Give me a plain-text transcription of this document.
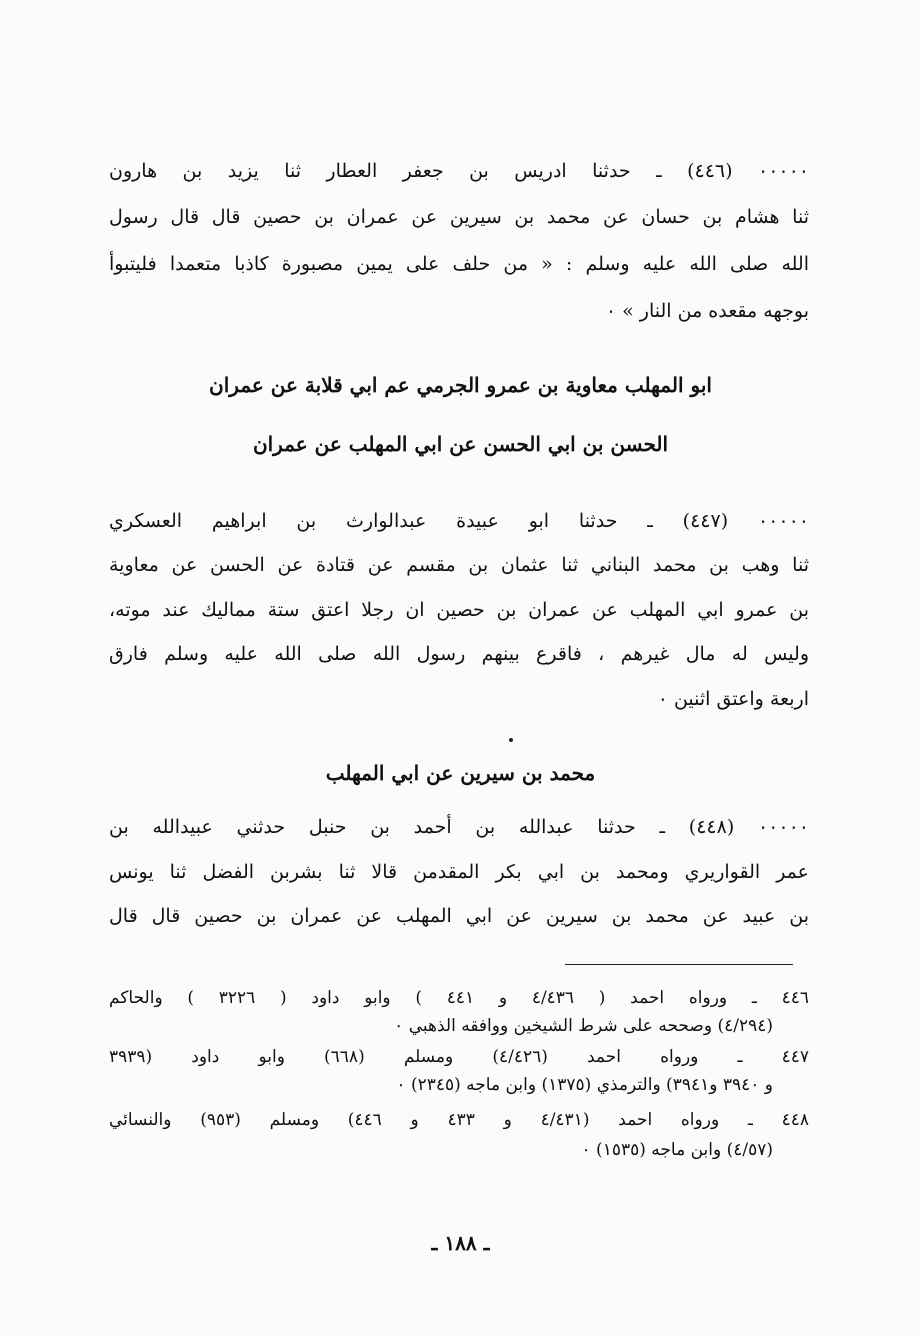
٠٠٠٠٠ (٤٤٦) ـ حدثنا ادريس بن جعفر العطار ثنا يزيد بن هارون
ثنا هشام بن حسان عن محمد بن سيرين عن عمران بن حصين قال قال رسول
الله صلى الله عليه وسلم : « من حلف على يمين مصبورة كاذبا متعمدا فليتبوأ
بوجهه مقعده من النار » ٠
ابو المهلب معاوية بن عمرو الجرمي عم ابي قلابة عن عمران
الحسن بن ابي الحسن عن ابي المهلب عن عمران
٠٠٠٠٠ (٤٤٧) ـ حدثنا ابو عبيدة عبدالوارث بن ابراهيم العسكري
ثنا وهب بن محمد البناني ثنا عثمان بن مقسم عن قتادة عن الحسن عن معاوية
بن عمرو ابي المهلب عن عمران بن حصين ان رجلا اعتق ستة مماليك عند موته،
وليس له مال غيرهم ، فاقرع بينهم رسول الله صلى الله عليه وسلم فارق
اربعة واعتق اثنين ٠
محمد بن سيرين عن ابي المهلب
٠٠٠٠٠ (٤٤٨) ـ حدثنا عبدالله بن أحمد بن حنبل حدثني عبيدالله بن
عمر القواريري ومحمد بن ابي بكر المقدمن قالا ثنا بشربن الفضل ثنا يونس
بن عبيد عن محمد بن سيرين عن ابي المهلب عن عمران بن حصين قال قال
٤٤٦ ـ ورواه احمد ( ٤/٤٣٦ و ٤٤١ ) وابو داود ( ٣٢٢٦ ) والحاكم
(٤/٢٩٤) وصححه على شرط الشيخين ووافقه الذهبي ٠
٤٤٧ ـ ورواه احمد (٤/٤٢٦) ومسلم (٦٦٨) وابو داود (٣٩٣٩
و ٣٩٤٠ و٣٩٤١) والترمذي (١٣٧٥) وابن ماجه (٢٣٤٥) ٠
٤٤٨ ـ ورواه احمد (٤/٤٣١ و ٤٣٣ و ٤٤٦) ومسلم (٩٥٣) والنسائي
(٤/٥٧) وابن ماجه (١٥٣٥) ٠
ـ ١٨٨ ـ
